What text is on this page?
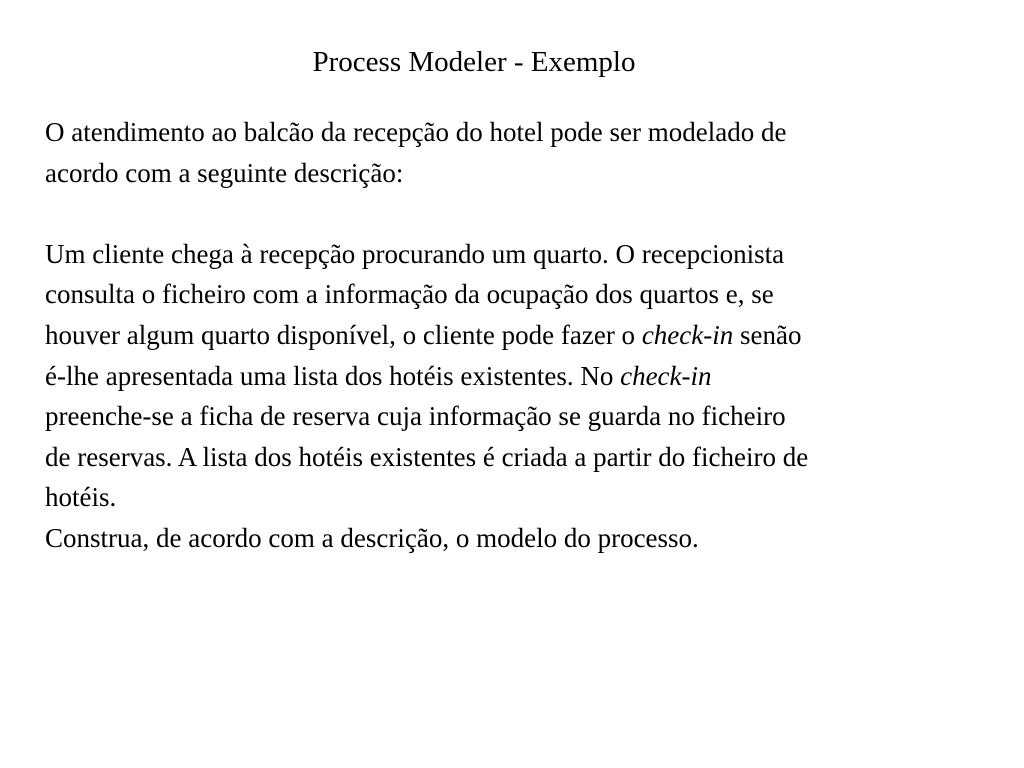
Process Modeler - Exemplo

O atendimento ao balcão da recepção do hotel pode ser modelado de
acordo com a seguinte descrição:

Um cliente chega à recepção procurando um quarto. O recepcionista
consulta o ficheiro com a informação da ocupação dos quartos e, se
houver algum quarto disponível, o cliente pode fazer o check-in senão
é-lhe apresentada uma lista dos hotéis existentes. No check-in
preenche-se a ficha de reserva cuja informação se guarda no ficheiro
de reservas. A lista dos hotéis existentes é criada a partir do ficheiro de
hotéis.

Construa, de acordo com a descrição, o modelo do processo.
